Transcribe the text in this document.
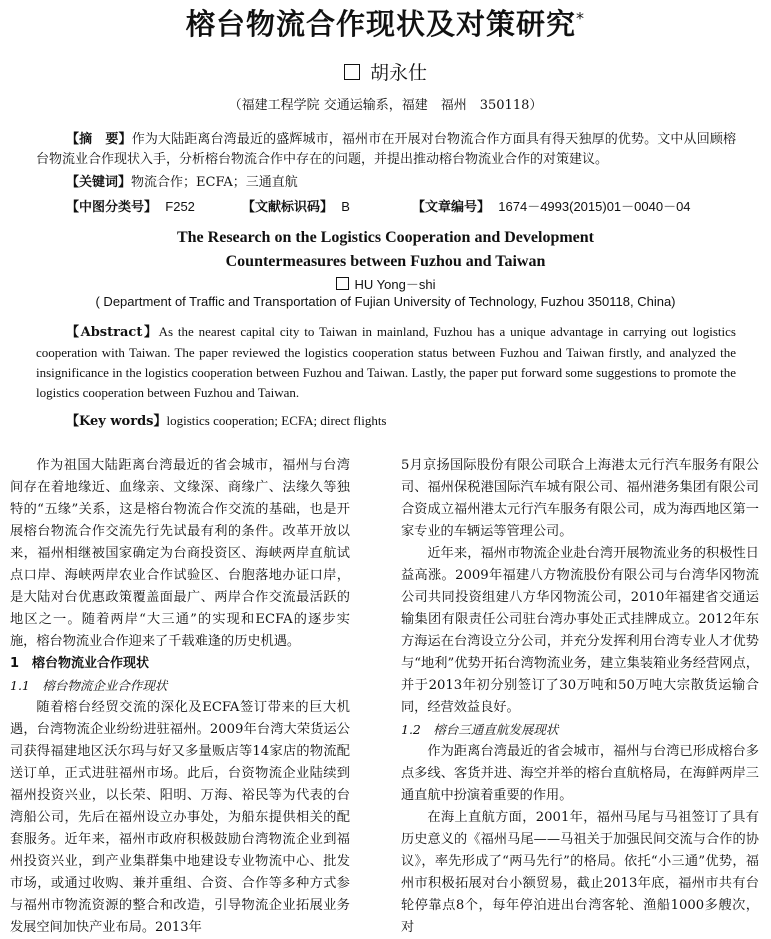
榕台物流合作现状及对策研究*
胡永仕
（福建工程学院 交通运输系，福建　福州　350118）
【摘　要】作为大陆距离台湾最近的盛辉城市，福州市在开展对台物流合作方面具有得天独厚的优势。文中从回顾榕台物流业合作现状入手，分析榕台物流合作中存在的问题，并提出推动榕台物流业合作的对策建议。
【关键词】物流合作；ECFA；三通直航
【中图分类号】 F252	【文献标识码】 B	【文章编号】 1674－4993(2015)01－0040－04
The Research on the Logistics Cooperation and Development
Countermeasures between Fuzhou and Taiwan
HU Yong－shi
( Department of Traffic and Transportation of Fujian University of Technology, Fuzhou 350118, China)
【Abstract】As the nearest capital city to Taiwan in mainland, Fuzhou has a unique advantage in carrying out logistics cooperation with Taiwan. The paper reviewed the logistics cooperation status between Fuzhou and Taiwan firstly, and analyzed the insignificance in the logistics cooperation between Fuzhou and Taiwan. Lastly, the paper put forward some suggestions to promote the logistics cooperation between Fuzhou and Taiwan.
【Key words】logistics cooperation; ECFA; direct flights

作为祖国大陆距离台湾最近的省会城市，福州与台湾间存在着地缘近、血缘亲、文缘深、商缘广、法缘久等独特的“五缘”关系，这是榕台物流合作交流的基础，也是开展榕台物流合作交流先行先试最有利的条件。改革开放以来，福州相继被国家确定为台商投资区、海峡两岸直航试点口岸、海峡两岸农业合作试验区、台胞落地办证口岸，是大陆对台优惠政策覆盖面最广、两岸合作交流最活跃的地区之一。随着两岸“大三通”的实现和ECFA的逐步实施，榕台物流业合作迎来了千载难逢的历史机遇。

1　榕台物流业合作现状

1.1　榕台物流企业合作现状

随着榕台经贸交流的深化及ECFA签订带来的巨大机遇，台湾物流企业纷纷进驻福州。2009年台湾大荣货运公司获得福建地区沃尔玛与好又多量贩店等14家店的物流配送订单，正式进驻福州市场。此后，台资物流企业陆续到福州投资兴业，以长荣、阳明、万海、裕民等为代表的台湾船公司，先后在福州设立办事处，为船东提供相关的配套服务。近年来，福州市政府积极鼓励台湾物流企业到福州投资兴业，到产业集群集中地建设专业物流中心、批发市场，或通过收购、兼并重组、合资、合作等多种方式参与福州市物流资源的整合和改造，引导物流企业拓展业务发展空间加快产业布局。2013年

5月京扬国际股份有限公司联合上海港太元行汽车服务有限公司、福州保税港国际汽车城有限公司、福州港务集团有限公司合资成立福州港太元行汽车服务有限公司，成为海西地区第一家专业的车辆运等管理公司。

近年来，福州市物流企业赴台湾开展物流业务的积极性日益高涨。2009年福建八方物流股份有限公司与台湾华冈物流公司共同投资组建八方华冈物流公司，2010年福建省交通运输集团有限责任公司驻台湾办事处正式挂牌成立。2012年东方海运在台湾设立分公司，并充分发挥利用台湾专业人才优势与“地利”优势开拓台湾物流业务，建立集装箱业务经营网点，并于2013年初分别签订了30万吨和50万吨大宗散货运输合同，经营效益良好。

1.2　榕台三通直航发展现状

作为距离台湾最近的省会城市，福州与台湾已形成榕台多点多线、客货并进、海空并举的榕台直航格局，在海鲜两岸三通直航中扮演着重要的作用。

在海上直航方面，2001年，福州马尾与马祖签订了具有历史意义的《福州马尾——马祖关于加强民间交流与合作的协议》，率先形成了“两马先行”的格局。依托“小三通”优势，福州市积极拓展对台小额贸易，截止2013年底，福州市共有台轮停靠点8个，每年停泊进出台湾客轮、渔船1000多艘次，对
